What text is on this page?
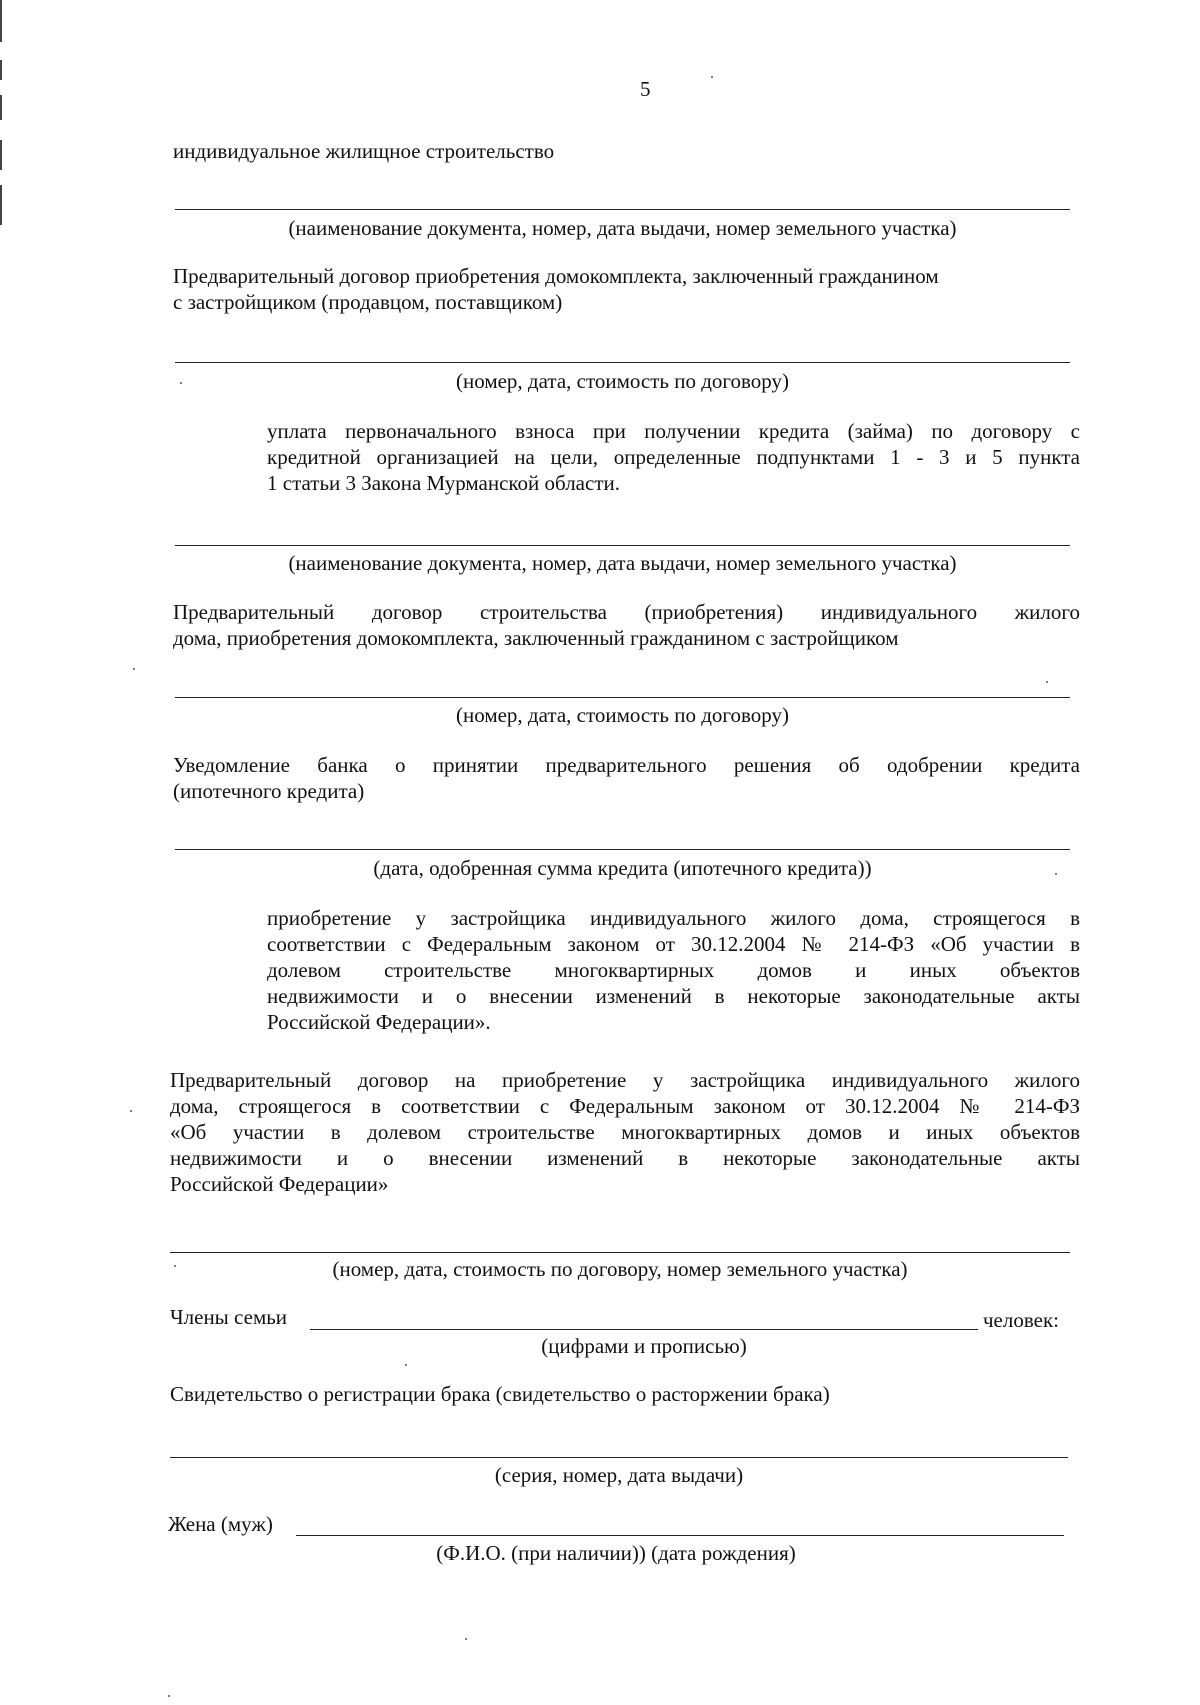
5
индивидуальное жилищное строительство
(наименование документа, номер, дата выдачи, номер земельного участка)
Предварительный договор приобретения домокомплекта, заключенный гражданином
с застройщиком (продавцом, поставщиком)
(номер, дата, стоимость по договору)
уплата первоначального взноса при получении кредита (займа) по договору с
кредитной организацией на цели, определенные подпунктами 1 - 3 и 5 пункта
1 статьи 3 Закона Мурманской области.
(наименование документа, номер, дата выдачи, номер земельного участка)
Предварительный договор строительства (приобретения) индивидуального жилого
дома, приобретения домокомплекта, заключенный гражданином с застройщиком
(номер, дата, стоимость по договору)
Уведомление банка о принятии предварительного решения об одобрении кредита
(ипотечного кредита)
(дата, одобренная сумма кредита (ипотечного кредита))
приобретение у застройщика индивидуального жилого дома, строящегося в
соответствии с Федеральным законом от 30.12.2004 № 214-ФЗ «Об участии в
долевом строительстве многоквартирных домов и иных объектов
недвижимости и о внесении изменений в некоторые законодательные акты
Российской Федерации».
Предварительный договор на приобретение у застройщика индивидуального жилого
дома, строящегося в соответствии с Федеральным законом от 30.12.2004 № 214-ФЗ
«Об участии в долевом строительстве многоквартирных домов и иных объектов
недвижимости и о внесении изменений в некоторые законодательные акты
Российской Федерации»
(номер, дата, стоимость по договору, номер земельного участка)
Члены семьи	человек:
(цифрами и прописью)
Свидетельство о регистрации брака (свидетельство о расторжении брака)
(серия, номер, дата выдачи)
Жена (муж)
(Ф.И.О. (при наличии)) (дата рождения)
